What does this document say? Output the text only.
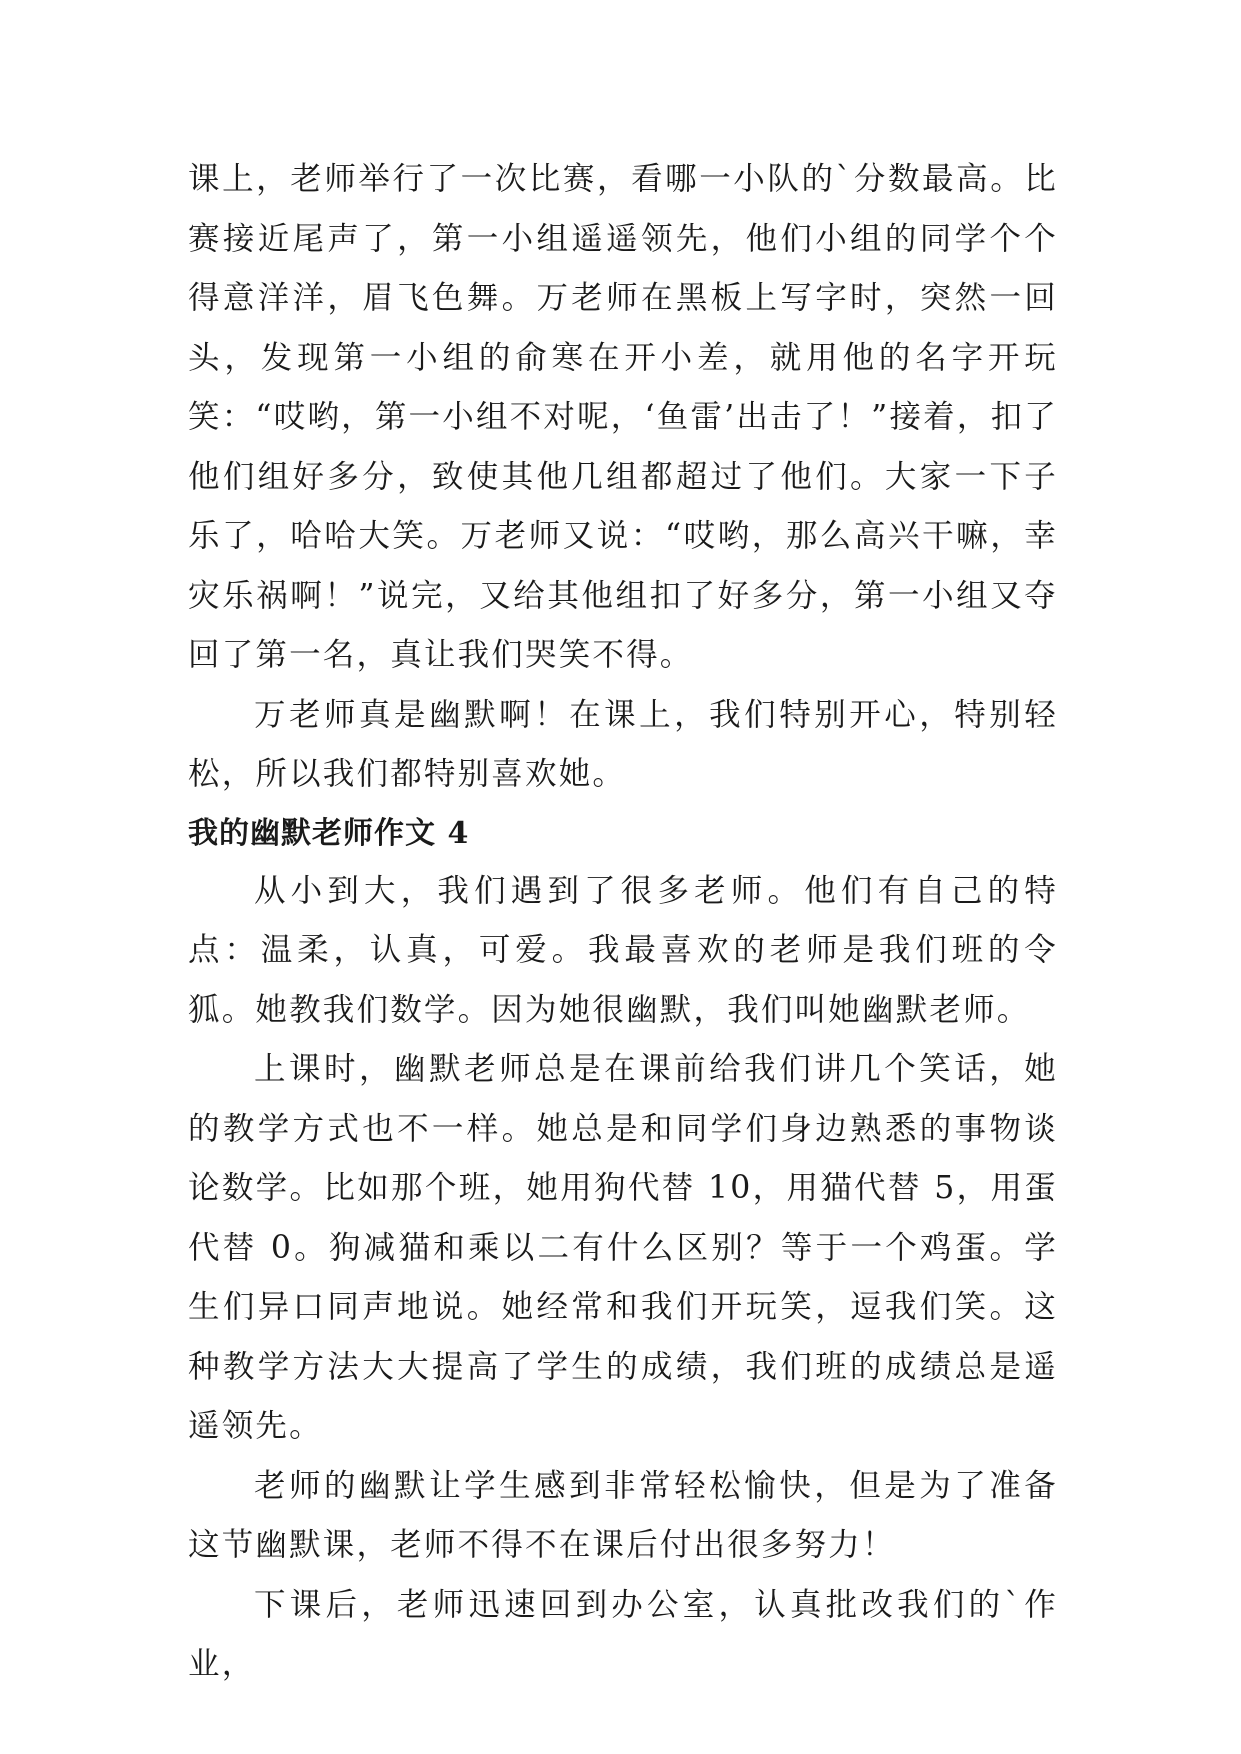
课上，老师举行了一次比赛，看哪一小队的`分数最高。比赛接近尾声了，第一小组遥遥领先，他们小组的同学个个得意洋洋，眉飞色舞。万老师在黑板上写字时，突然一回头，发现第一小组的俞寒在开小差，就用他的名字开玩笑：“哎哟，第一小组不对呢，‘鱼雷’出击了！”接着，扣了他们组好多分，致使其他几组都超过了他们。大家一下子乐了，哈哈大笑。万老师又说：“哎哟，那么高兴干嘛，幸灾乐祸啊！”说完，又给其他组扣了好多分，第一小组又夺回了第一名，真让我们哭笑不得。

万老师真是幽默啊！在课上，我们特别开心，特别轻松，所以我们都特别喜欢她。

我的幽默老师作文 4

从小到大，我们遇到了很多老师。他们有自己的特点：温柔，认真，可爱。我最喜欢的老师是我们班的令狐。她教我们数学。因为她很幽默，我们叫她幽默老师。

上课时，幽默老师总是在课前给我们讲几个笑话，她的教学方式也不一样。她总是和同学们身边熟悉的事物谈论数学。比如那个班，她用狗代替 10，用猫代替 5，用蛋代替 0。狗减猫和乘以二有什么区别？等于一个鸡蛋。学生们异口同声地说。她经常和我们开玩笑，逗我们笑。这种教学方法大大提高了学生的成绩，我们班的成绩总是遥遥领先。

老师的幽默让学生感到非常轻松愉快，但是为了准备这节幽默课，老师不得不在课后付出很多努力！

下课后，老师迅速回到办公室，认真批改我们的`作业，
